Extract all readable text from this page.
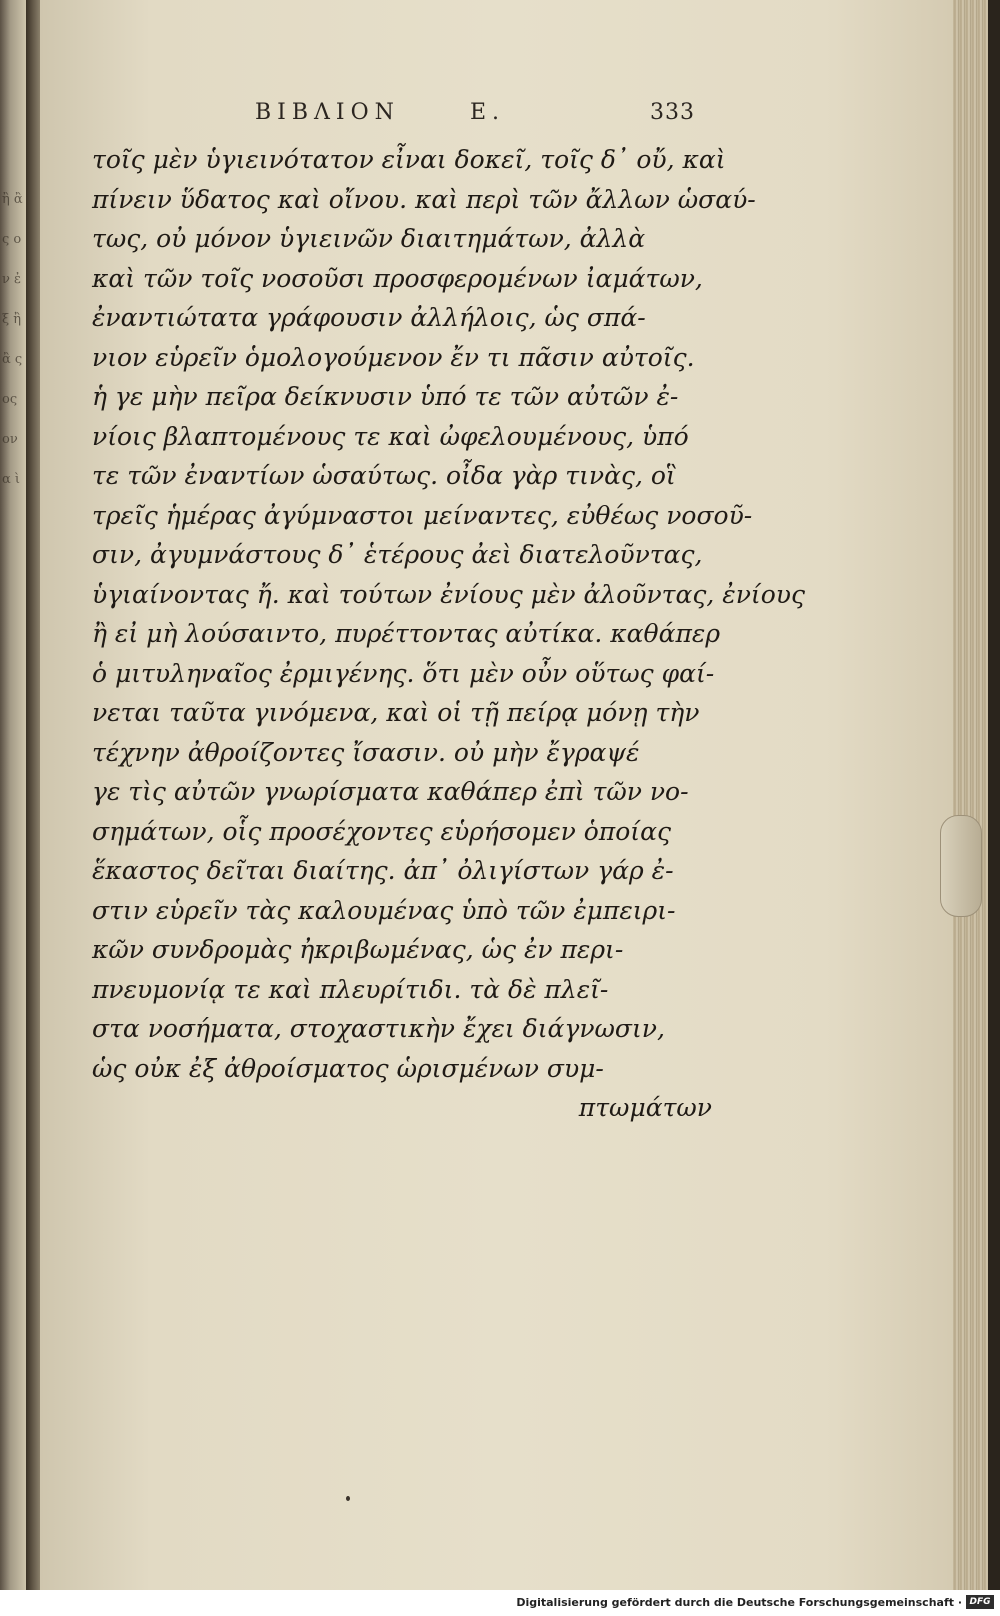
ἢ ἂ ς ον ἐξ ἢ ἂ ς ος ον α ὶ
BIBΛIOΝ	E.	333
τοῖς μὲν ὑγιεινότατον εἶναι δοκεῖ, τοῖς δ᾽ οὔ, καὶ
πίνειν ὕδατος καὶ οἴνου. καὶ περὶ τῶν ἄλλων ὡσαύ-
τως, οὐ μόνον ὑγιεινῶν διαιτημάτων, ἀλλὰ
καὶ τῶν τοῖς νοσοῦσι προσφερομένων ἰαμάτων,
ἐναντιώτατα γράφουσιν ἀλλήλοις, ὡς σπά-
νιον εὑρεῖν ὁμολογούμενον ἔν τι πᾶσιν αὐτοῖς.
ἡ γε μὴν πεῖρα δείκνυσιν ὑπό τε τῶν αὐτῶν ἐ-
νίοις βλαπτομένους τε καὶ ὠφελουμένους, ὑπό
τε τῶν ἐναντίων ὡσαύτως. οἶδα γὰρ τινὰς, οἳ
τρεῖς ἡμέρας ἀγύμναστοι μείναντες, εὐθέως νοσοῦ-
σιν, ἀγυμνάστους δ᾽ ἑτέρους ἀεὶ διατελοῦντας,
ὑγιαίνοντας ἤ. καὶ τούτων ἐνίους μὲν ἀλοῦντας, ἐνίους
ἢ εἰ μὴ λούσαιντο, πυρέττοντας αὐτίκα. καθάπερ
ὁ μιτυληναῖος ἐρμιγένης. ὅτι μὲν οὖν οὕτως φαί-
νεται ταῦτα γινόμενα, καὶ οἱ τῇ πείρᾳ μόνῃ τὴν
τέχνην ἀθροίζοντες ἴσασιν. οὐ μὴν ἔγραψέ
γε τὶς αὐτῶν γνωρίσματα καθάπερ ἐπὶ τῶν νο-
σημάτων, οἷς προσέχοντες εὑρήσομεν ὁποίας
ἕκαστος δεῖται διαίτης. ἀπ᾽ ὀλιγίστων γάρ ἐ-
στιν εὑρεῖν τὰς καλουμένας ὑπὸ τῶν ἐμπειρι-
κῶν συνδρομὰς ἠκριβωμένας, ὡς ἐν περι-
πνευμονίᾳ τε καὶ πλευρίτιδι. τὰ δὲ πλεῖ-
στα νοσήματα, στοχαστικὴν ἔχει διάγνωσιν,
ὡς οὐκ ἐξ ἀθροίσματος ὡρισμένων συμ-
πτωμάτων
Digitalisierung gefördert durch die Deutsche Forschungsgemeinschaft · DFG
